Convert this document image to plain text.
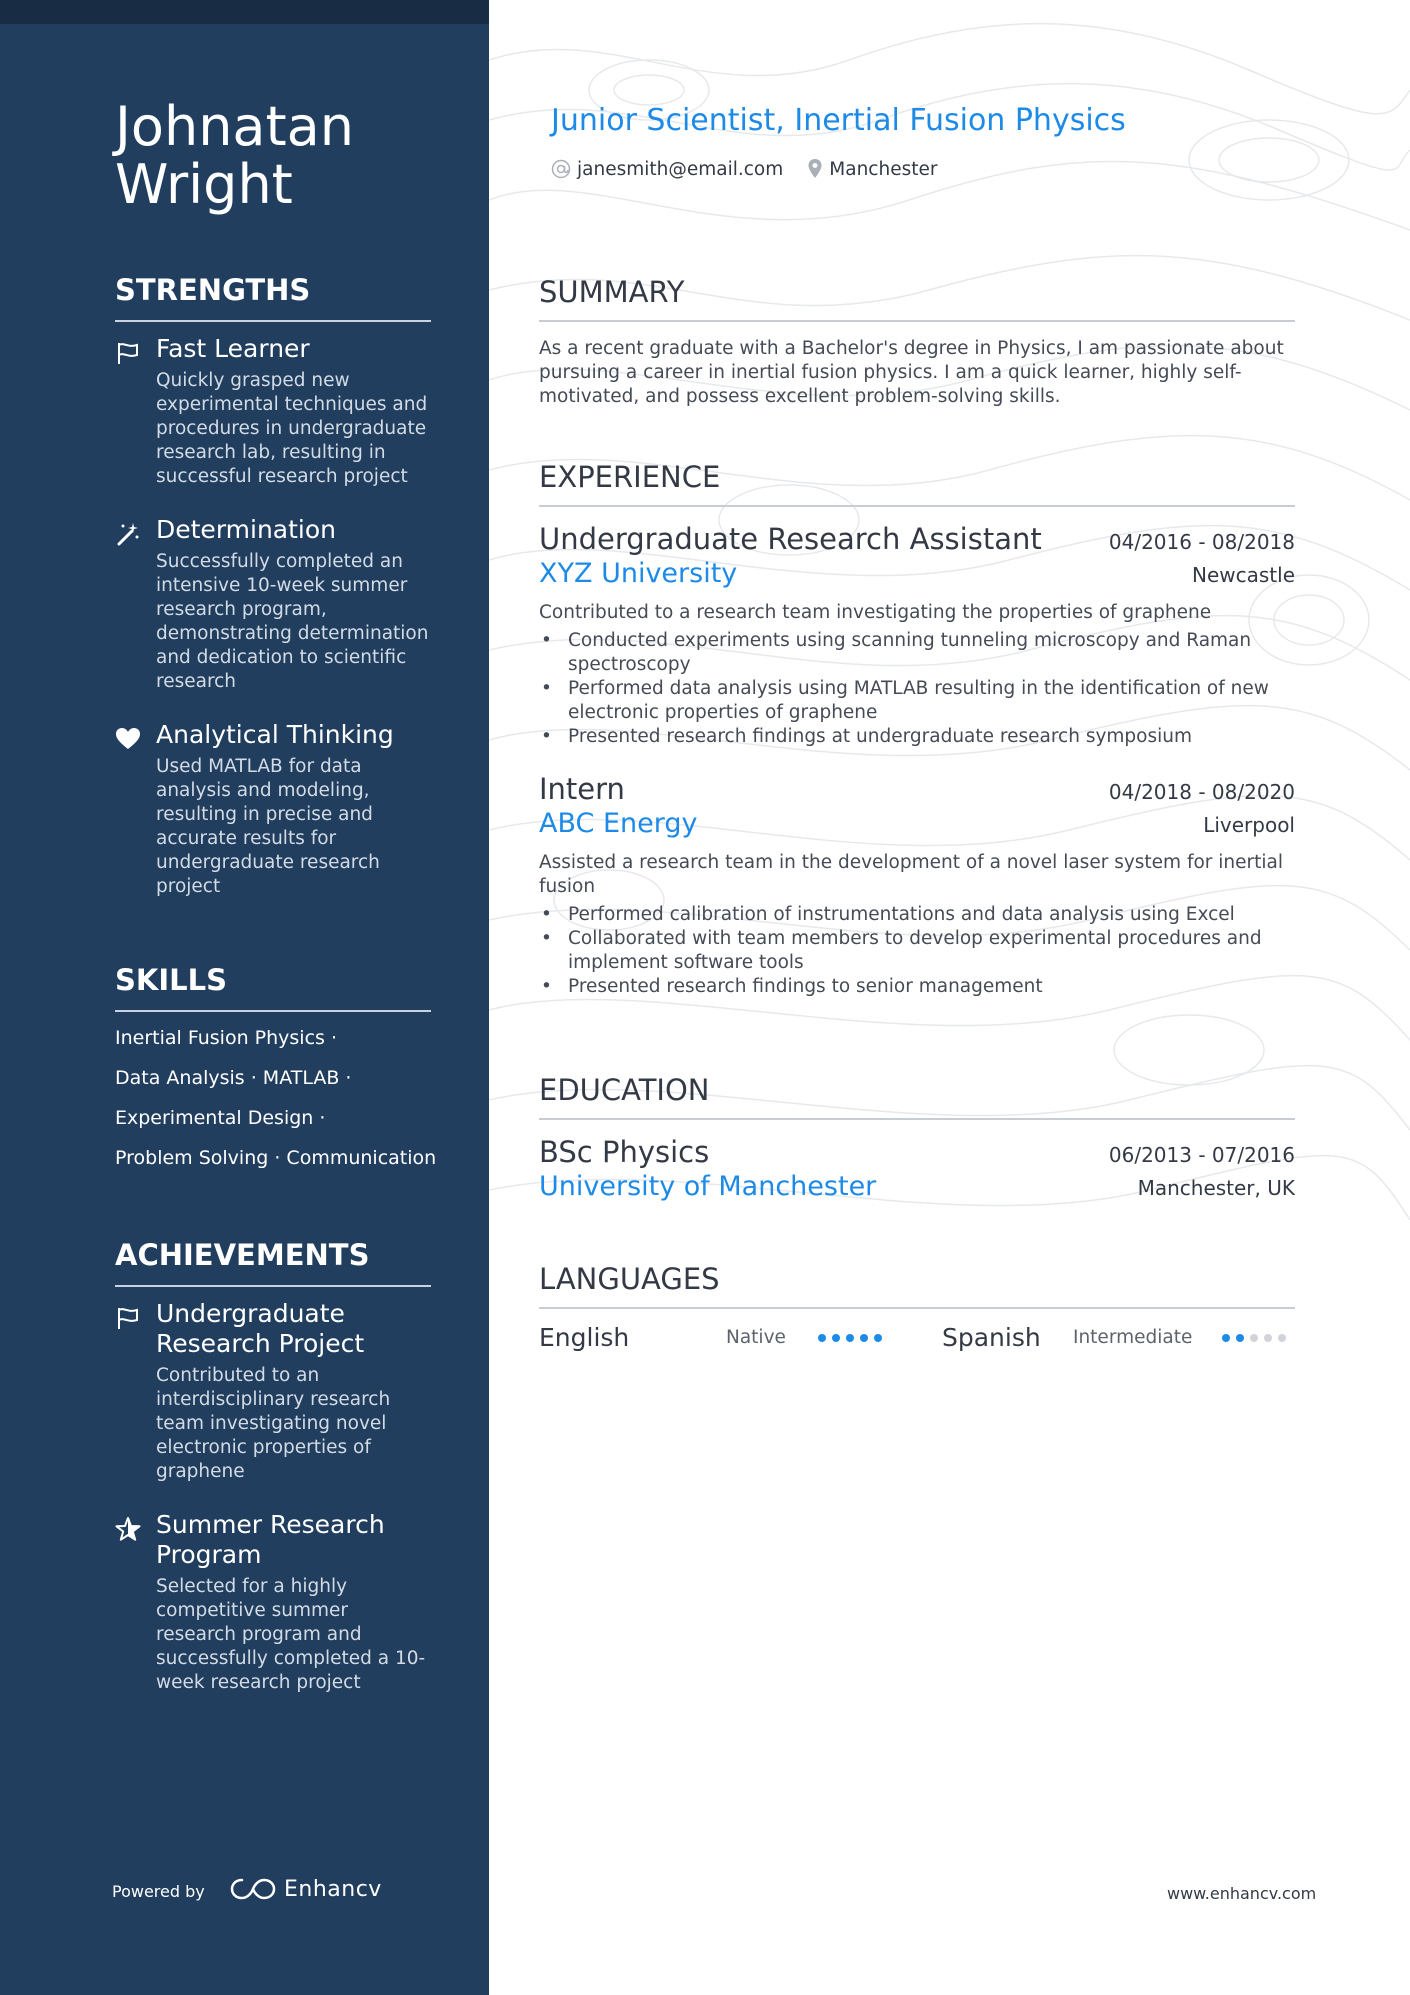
Johnatan Wright
STRENGTHS
Fast Learner
Quickly grasped new experimental techniques and procedures in undergraduate research lab, resulting in successful research project
Determination
Successfully completed an intensive 10-week summer research program, demonstrating determination and dedication to scientific research
Analytical Thinking
Used MATLAB for data analysis and modeling, resulting in precise and accurate results for undergraduate research project
SKILLS
Inertial Fusion Physics ·
Data Analysis · MATLAB ·
Experimental Design ·
Problem Solving · Communication
ACHIEVEMENTS
Undergraduate Research Project
Contributed to an interdisciplinary research team investigating novel electronic properties of graphene
Summer Research Program
Selected for a highly competitive summer research program and successfully completed a 10-week research project
Powered by	Enhancv
Junior Scientist, Inertial Fusion Physics
janesmith@email.com Manchester
SUMMARY
As a recent graduate with a Bachelor's degree in Physics, I am passionate about pursuing a career in inertial fusion physics. I am a quick learner, highly self-motivated, and possess excellent problem-solving skills.
EXPERIENCE
Undergraduate Research Assistant	04/2016 - 08/2018
XYZ University	Newcastle
Contributed to a research team investigating the properties of graphene
• Conducted experiments using scanning tunneling microscopy and Raman spectroscopy
• Performed data analysis using MATLAB resulting in the identification of new electronic properties of graphene
• Presented research findings at undergraduate research symposium
Intern	04/2018 - 08/2020
ABC Energy	Liverpool
Assisted a research team in the development of a novel laser system for inertial fusion
• Performed calibration of instrumentations and data analysis using Excel
• Collaborated with team members to develop experimental procedures and implement software tools
• Presented research findings to senior management
EDUCATION
BSc Physics	06/2013 - 07/2016
University of Manchester	Manchester, UK
LANGUAGES
English	Native	Spanish	Intermediate
www.enhancv.com
